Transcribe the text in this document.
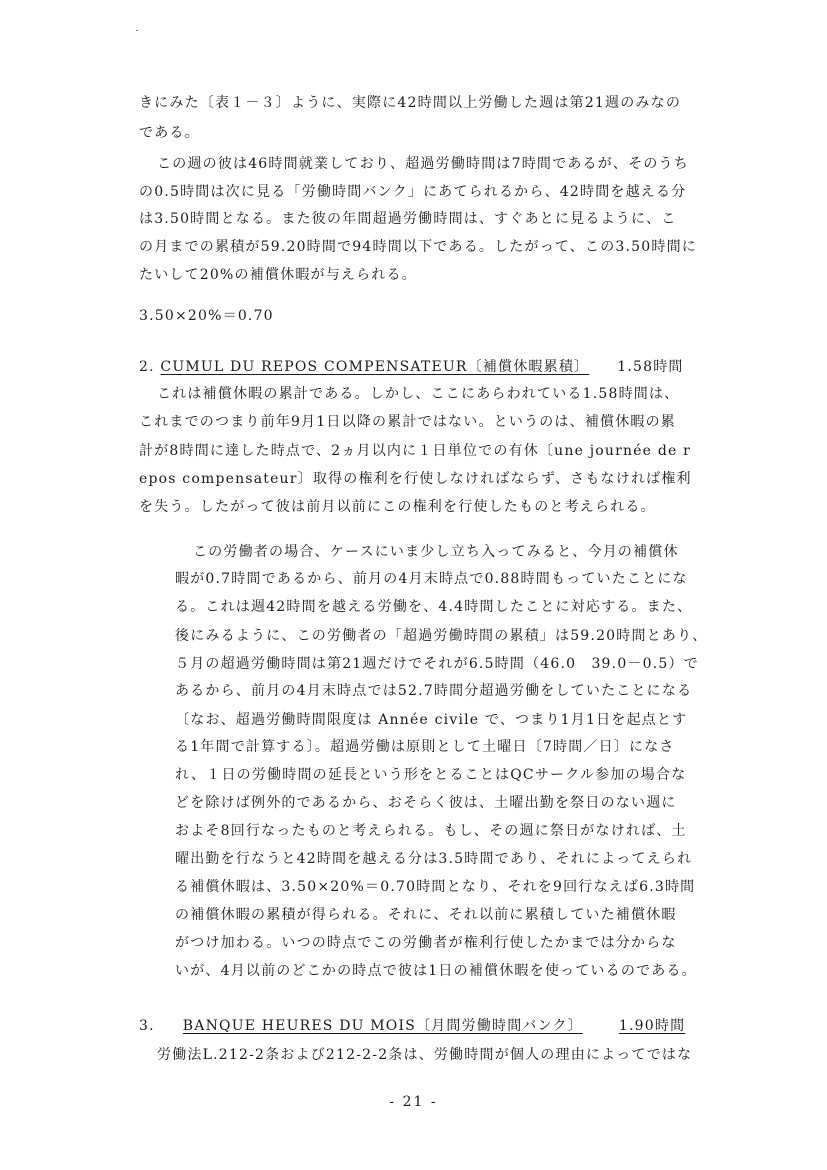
きにみた〔表１－３〕ように、実際に42時間以上労働した週は第21週のみなの
である。
この週の彼は46時間就業しており、超過労働時間は7時間であるが、そのうち
の0.5時間は次に見る「労働時間バンク」にあてられるから、42時間を越える分
は3.50時間となる。また彼の年間超過労働時間は、すぐあとに見るように、こ
の月までの累積が59.20時間で94時間以下である。したがって、この3.50時間に
たいして20%の補償休暇が与えられる。
3.50×20%＝0.70
2. CUMUL DU REPOS COMPENSATEUR〔補償休暇累積〕 1.58時間
これは補償休暇の累計である。しかし、ここにあらわれている1.58時間は、
これまでのつまり前年9月1日以降の累計ではない。というのは、補償休暇の累
計が8時間に達した時点で、2ヵ月以内に１日単位での有休〔une journée de r
epos compensateur〕取得の権利を行使しなければならず、さもなければ権利
を失う。したがって彼は前月以前にこの権利を行使したものと考えられる。
この労働者の場合、ケースにいま少し立ち入ってみると、今月の補償休
暇が0.7時間であるから、前月の4月末時点で0.88時間もっていたことにな
る。これは週42時間を越える労働を、4.4時間したことに対応する。また、
後にみるように、この労働者の「超過労働時間の累積」は59.20時間とあり、
５月の超過労働時間は第21週だけでそれが6.5時間（46.0　39.0－0.5）で
あるから、前月の4月末時点では52.7時間分超過労働をしていたことになる
〔なお、超過労働時間限度は Année civile で、つまり1月1日を起点とす
る1年間で計算する〕。超過労働は原則として土曜日〔7時間／日〕になさ
れ、１日の労働時間の延長という形をとることはQCサークル参加の場合な
どを除けば例外的であるから、おそらく彼は、土曜出勤を祭日のない週に
およそ8回行なったものと考えられる。もし、その週に祭日がなければ、土
曜出勤を行なうと42時間を越える分は3.5時間であり、それによってえられ
る補償休暇は、3.50×20%＝0.70時間となり、それを9回行なえば6.3時間
の補償休暇の累積が得られる。それに、それ以前に累積していた補償休暇
がつけ加わる。いつの時点でこの労働者が権利行使したかまでは分からな
いが、4月以前のどこかの時点で彼は1日の補償休暇を使っているのである。
3. BANQUE HEURES DU MOIS〔月間労働時間バンク〕	1.90時間
労働法L.212-2条および212-2-2条は、労働時間が個人の理由によってではな
- 21 -
